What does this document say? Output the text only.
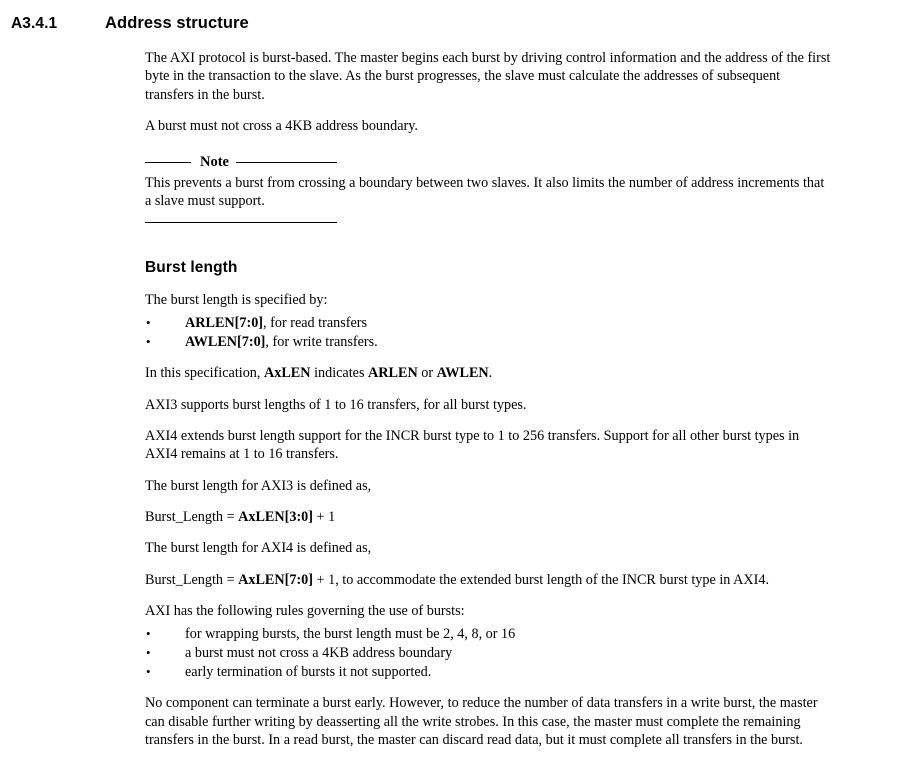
A3.4.1	Address structure

The AXI protocol is burst-based. The master begins each burst by driving control information and the address of the first byte in the transaction to the slave. As the burst progresses, the slave must calculate the addresses of subsequent transfers in the burst.

A burst must not cross a 4KB address boundary.

Note

This prevents a burst from crossing a boundary between two slaves. It also limits the number of address increments that a slave must support.

Burst length

The burst length is specified by:

•	ARLEN[7:0], for read transfers
•	AWLEN[7:0], for write transfers.

In this specification, AxLEN indicates ARLEN or AWLEN.

AXI3 supports burst lengths of 1 to 16 transfers, for all burst types.

AXI4 extends burst length support for the INCR burst type to 1 to 256 transfers. Support for all other burst types in AXI4 remains at 1 to 16 transfers.

The burst length for AXI3 is defined as,

Burst_Length = AxLEN[3:0] + 1

The burst length for AXI4 is defined as,

Burst_Length = AxLEN[7:0] + 1, to accommodate the extended burst length of the INCR burst type in AXI4.

AXI has the following rules governing the use of bursts:

•	for wrapping bursts, the burst length must be 2, 4, 8, or 16
•	a burst must not cross a 4KB address boundary
•	early termination of bursts it not supported.

No component can terminate a burst early. However, to reduce the number of data transfers in a write burst, the master can disable further writing by deasserting all the write strobes. In this case, the master must complete the remaining transfers in the burst. In a read burst, the master can discard read data, but it must complete all transfers in the burst.
